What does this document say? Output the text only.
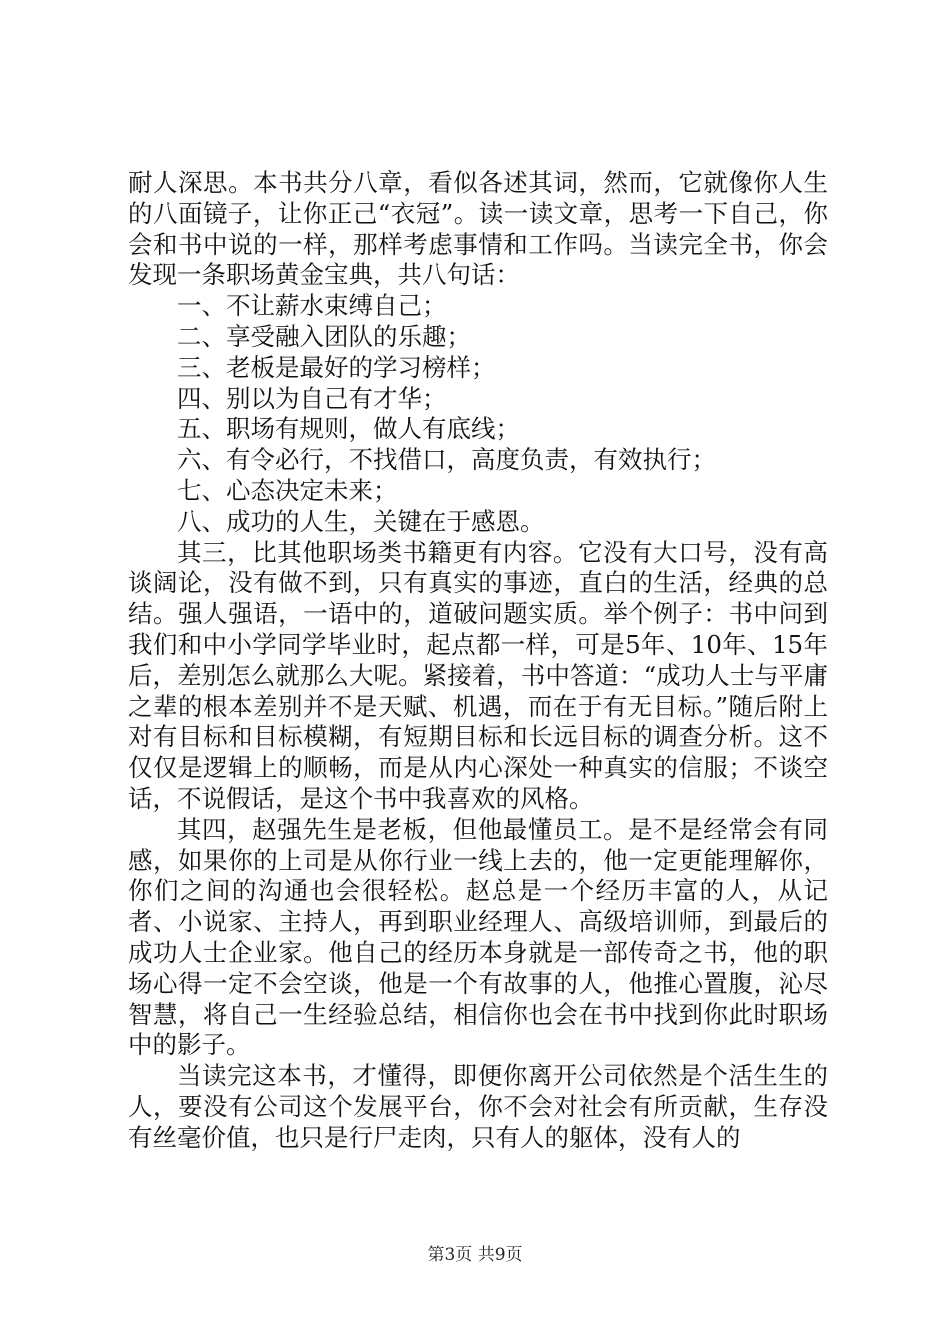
耐人深思。本书共分八章，看似各述其词，然而，它就像你人生的八面镜子，让你正己“衣冠”。读一读文章，思考一下自己，你会和书中说的一样，那样考虑事情和工作吗。当读完全书，你会发现一条职场黄金宝典，共八句话：

一、不让薪水束缚自己；

二、享受融入团队的乐趣；

三、老板是最好的学习榜样；

四、别以为自己有才华；

五、职场有规则，做人有底线；

六、有令必行，不找借口，高度负责，有效执行；

七、心态决定未来；

八、成功的人生，关键在于感恩。

其三，比其他职场类书籍更有内容。它没有大口号，没有高谈阔论，没有做不到，只有真实的事迹，直白的生活，经典的总结。强人强语，一语中的，道破问题实质。举个例子：书中问到我们和中小学同学毕业时，起点都一样，可是5年、10年、15年后，差别怎么就那么大呢。紧接着，书中答道：“成功人士与平庸之辈的根本差别并不是天赋、机遇，而在于有无目标。”随后附上对有目标和目标模糊，有短期目标和长远目标的调查分析。这不仅仅是逻辑上的顺畅，而是从内心深处一种真实的信服；不谈空话，不说假话，是这个书中我喜欢的风格。

其四，赵强先生是老板，但他最懂员工。是不是经常会有同感，如果你的上司是从你行业一线上去的，他一定更能理解你，你们之间的沟通也会很轻松。赵总是一个经历丰富的人，从记者、小说家、主持人，再到职业经理人、高级培训师，到最后的成功人士企业家。他自己的经历本身就是一部传奇之书，他的职场心得一定不会空谈，他是一个有故事的人，他推心置腹，沁尽智慧，将自己一生经验总结，相信你也会在书中找到你此时职场中的影子。

当读完这本书，才懂得，即便你离开公司依然是个活生生的人，要没有公司这个发展平台，你不会对社会有所贡献，生存没有丝毫价值，也只是行尸走肉，只有人的躯体，没有人的

第3页 共9页
